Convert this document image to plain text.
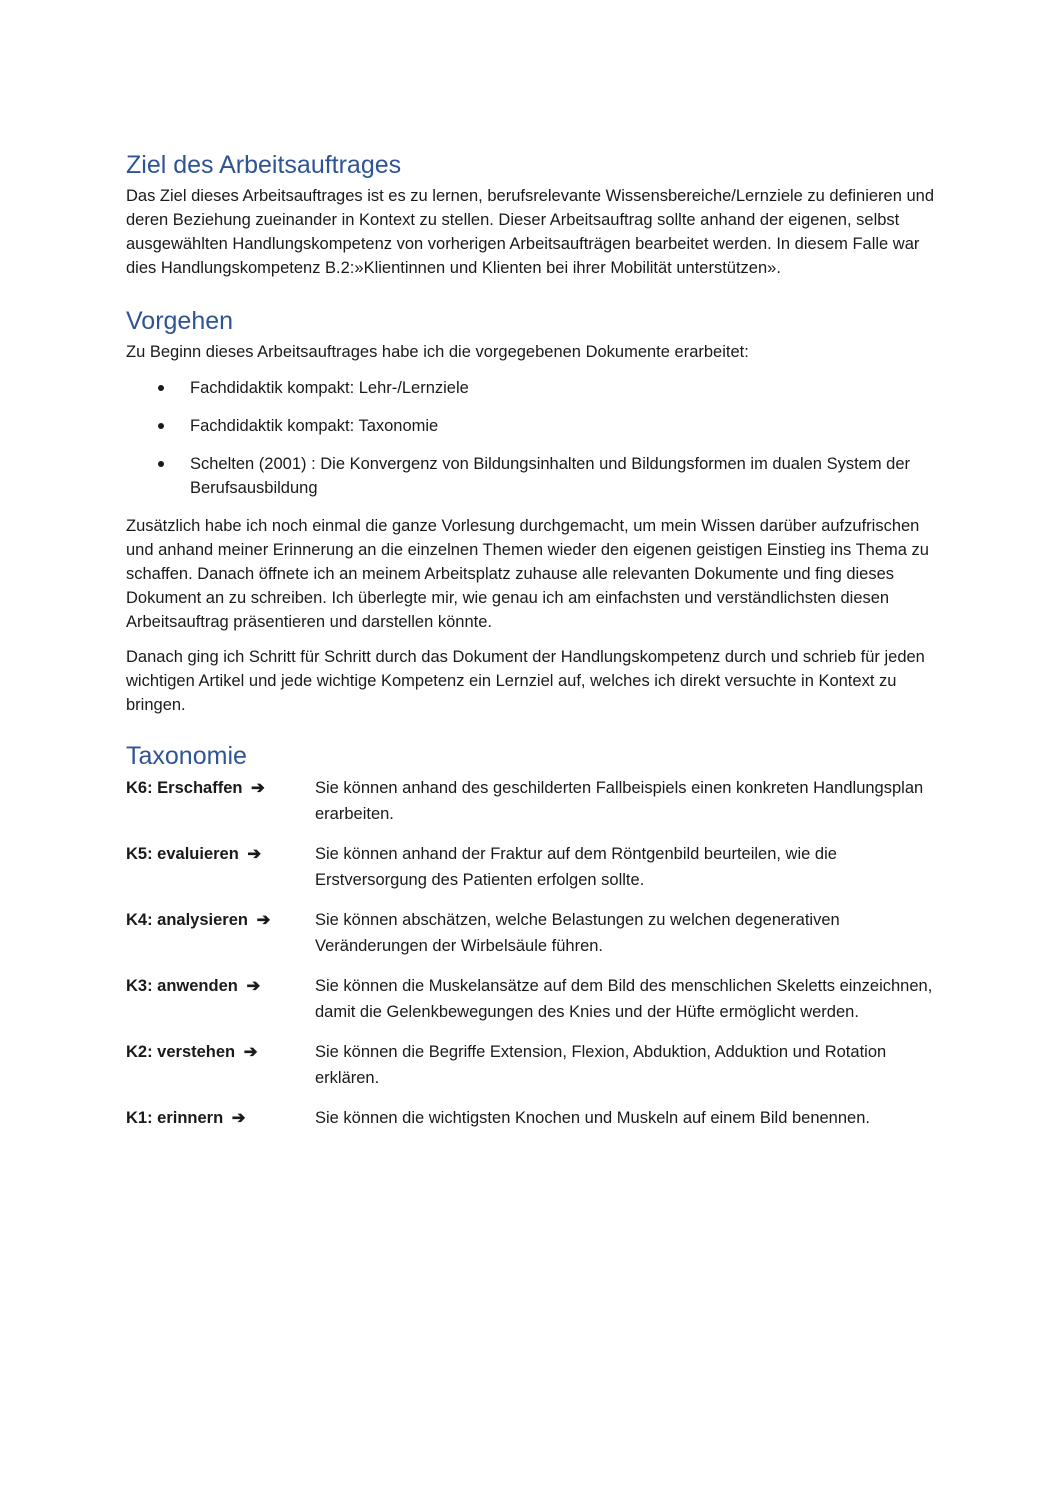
Ziel des Arbeitsauftrages

Das Ziel dieses Arbeitsauftrages ist es zu lernen, berufsrelevante Wissensbereiche/Lernziele zu definieren und deren Beziehung zueinander in Kontext zu stellen. Dieser Arbeitsauftrag sollte anhand der eigenen, selbst ausgewählten Handlungskompetenz von vorherigen Arbeitsaufträgen bearbeitet werden. In diesem Falle war dies Handlungskompetenz B.2:»Klientinnen und Klienten bei ihrer Mobilität unterstützen».

Vorgehen

Zu Beginn dieses Arbeitsauftrages habe ich die vorgegebenen Dokumente erarbeitet:

Fachdidaktik kompakt: Lehr-/Lernziele
Fachdidaktik kompakt: Taxonomie
Schelten (2001) : Die Konvergenz von Bildungsinhalten und Bildungsformen im dualen System der Berufsausbildung

Zusätzlich habe ich noch einmal die ganze Vorlesung durchgemacht, um mein Wissen darüber aufzufrischen und anhand meiner Erinnerung an die einzelnen Themen wieder den eigenen geistigen Einstieg ins Thema zu schaffen. Danach öffnete ich an meinem Arbeitsplatz zuhause alle relevanten Dokumente und fing dieses Dokument an zu schreiben. Ich überlegte mir, wie genau ich am einfachsten und verständlichsten diesen Arbeitsauftrag präsentieren und darstellen könnte.

Danach ging ich Schritt für Schritt durch das Dokument der Handlungskompetenz durch und schrieb für jeden wichtigen Artikel und jede wichtige Kompetenz ein Lernziel auf, welches ich direkt versuchte in Kontext zu bringen.

Taxonomie
K6: Erschaffen ➔	Sie können anhand des geschilderten Fallbeispiels einen konkreten Handlungsplan erarbeiten.
K5: evaluieren ➔	Sie können anhand der Fraktur auf dem Röntgenbild beurteilen, wie die Erstversorgung des Patienten erfolgen sollte.
K4: analysieren ➔	Sie können abschätzen, welche Belastungen zu welchen degenerativen Veränderungen der Wirbelsäule führen.
K3: anwenden ➔	Sie können die Muskelansätze auf dem Bild des menschlichen Skeletts einzeichnen, damit die Gelenkbewegungen des Knies und der Hüfte ermöglicht werden.
K2: verstehen ➔	Sie können die Begriffe Extension, Flexion, Abduktion, Adduktion und Rotation erklären.
K1: erinnern ➔	Sie können die wichtigsten Knochen und Muskeln auf einem Bild benennen.
